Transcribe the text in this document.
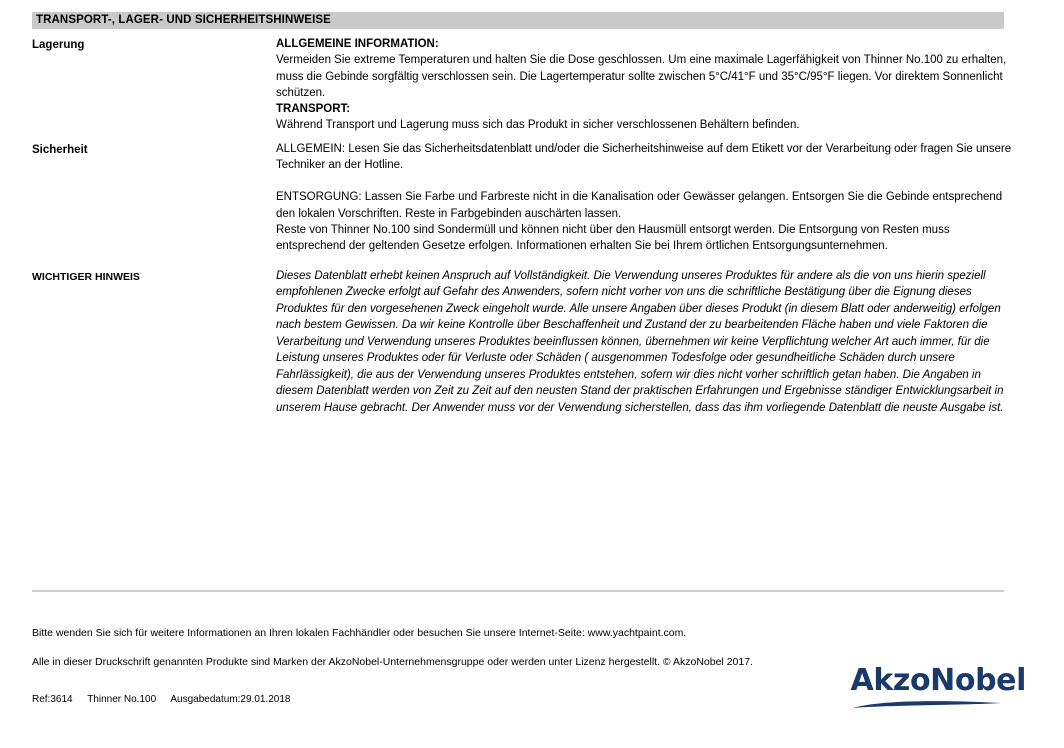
TRANSPORT-, LAGER- UND SICHERHEITSHINWEISE
Lagerung	ALLGEMEINE INFORMATION:

Vermeiden Sie extreme Temperaturen und halten Sie die Dose geschlossen. Um eine maximale Lagerfähigkeit von Thinner No.100 zu erhalten, muss die Gebinde sorgfältig verschlossen sein. Die Lagertemperatur sollte zwischen 5°C/41°F und 35°C/95°F liegen. Vor direktem Sonnenlicht schützen.

TRANSPORT:

Während Transport und Lagerung muss sich das Produkt in sicher verschlossenen Behältern befinden.

Sicherheit	ALLGEMEIN: Lesen Sie das Sicherheitsdatenblatt und/oder die Sicherheitshinweise auf dem Etikett vor der Verarbeitung oder fragen Sie unsere Techniker an der Hotline.

ENTSORGUNG: Lassen Sie Farbe und Farbreste nicht in die Kanalisation oder Gewässer gelangen. Entsorgen Sie die Gebinde entsprechend den lokalen Vorschriften. Reste in Farbgebinden auschärten lassen.

Reste von Thinner No.100 sind Sondermüll und können nicht über den Hausmüll entsorgt werden. Die Entsorgung von Resten muss entsprechend der geltenden Gesetze erfolgen. Informationen erhalten Sie bei Ihrem örtlichen Entsorgungsunternehmen.

WICHTIGER HINWEIS	Dieses Datenblatt erhebt keinen Anspruch auf Vollständigkeit. Die Verwendung unseres Produktes für andere als die von uns hierin speziell empfohlenen Zwecke erfolgt auf Gefahr des Anwenders, sofern nicht vorher von uns die schriftliche Bestätigung über die Eignung dieses Produktes für den vorgesehenen Zweck eingeholt wurde. Alle unsere Angaben über dieses Produkt (in diesem Blatt oder anderweitig) erfolgen nach bestem Gewissen. Da wir keine Kontrolle über Beschaffenheit und Zustand der zu bearbeitenden Fläche haben und viele Faktoren die Verarbeitung und Verwendung unseres Produktes beeinflussen können, übernehmen wir keine Verpflichtung welcher Art auch immer, für die Leistung unseres Produktes oder für Verluste oder Schäden ( ausgenommen Todesfolge oder gesundheitliche Schäden durch unsere Fahrlässigkeit), die aus der Verwendung unseres Produktes entstehen, sofern wir dies nicht vorher schriftlich getan haben. Die Angaben in diesem Datenblatt werden von Zeit zu Zeit auf den neusten Stand der praktischen Erfahrungen und Ergebnisse ständiger Entwicklungsarbeit in unserem Hause gebracht. Der Anwender muss vor der Verwendung sicherstellen, dass das ihm vorliegende Datenblatt die neuste Ausgabe ist.

Bitte wenden Sie sich für weitere Informationen an Ihren lokalen Fachhändler oder besuchen Sie unsere Internet-Seite: www.yachtpaint.com.
Alle in dieser Druckschrift genannten Produkte sind Marken der AkzoNobel-Unternehmensgruppe oder werden unter Lizenz hergestellt. © AkzoNobel 2017.
Ref:3614 Thinner No.100 Ausgabedatum:29.01.2018
AkzoNobel
